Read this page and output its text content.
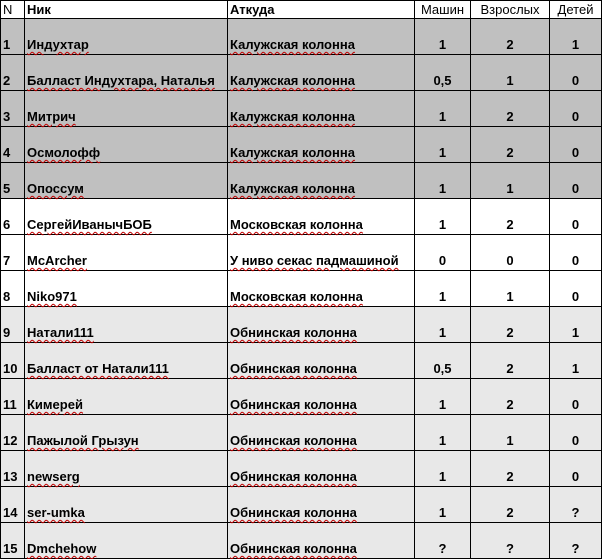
N	Ник	Аткуда	Машин	Взрослых	Детей
1	Индухтар	Калужская колонна	1	2	1
2	Балласт Индухтара, Наталья	Калужская колонна	0,5	1	0
3	Митрич	Калужская колонна	1	2	0
4	Осмолофф	Калужская колонна	1	2	0
5	Опоссум	Калужская колонна	1	1	0
6	СергейИванычБОБ	Московская колонна	1	2	0
7	McArcher	У ниво секас падмашиной	0	0	0
8	Niko971	Московская колонна	1	1	0
9	Натали111	Обнинская колонна	1	2	1
10	Балласт от Натали111	Обнинская колонна	0,5	2	1
11	Кимерей	Обнинская колонна	1	2	0
12	Пажылой Грызун	Обнинская колонна	1	1	0
13	newserg	Обнинская колонна	1	2	0
14	ser-umka	Обнинская колонна	1	2	?
15	Dmchehow	Обнинская колонна	?	?	?
